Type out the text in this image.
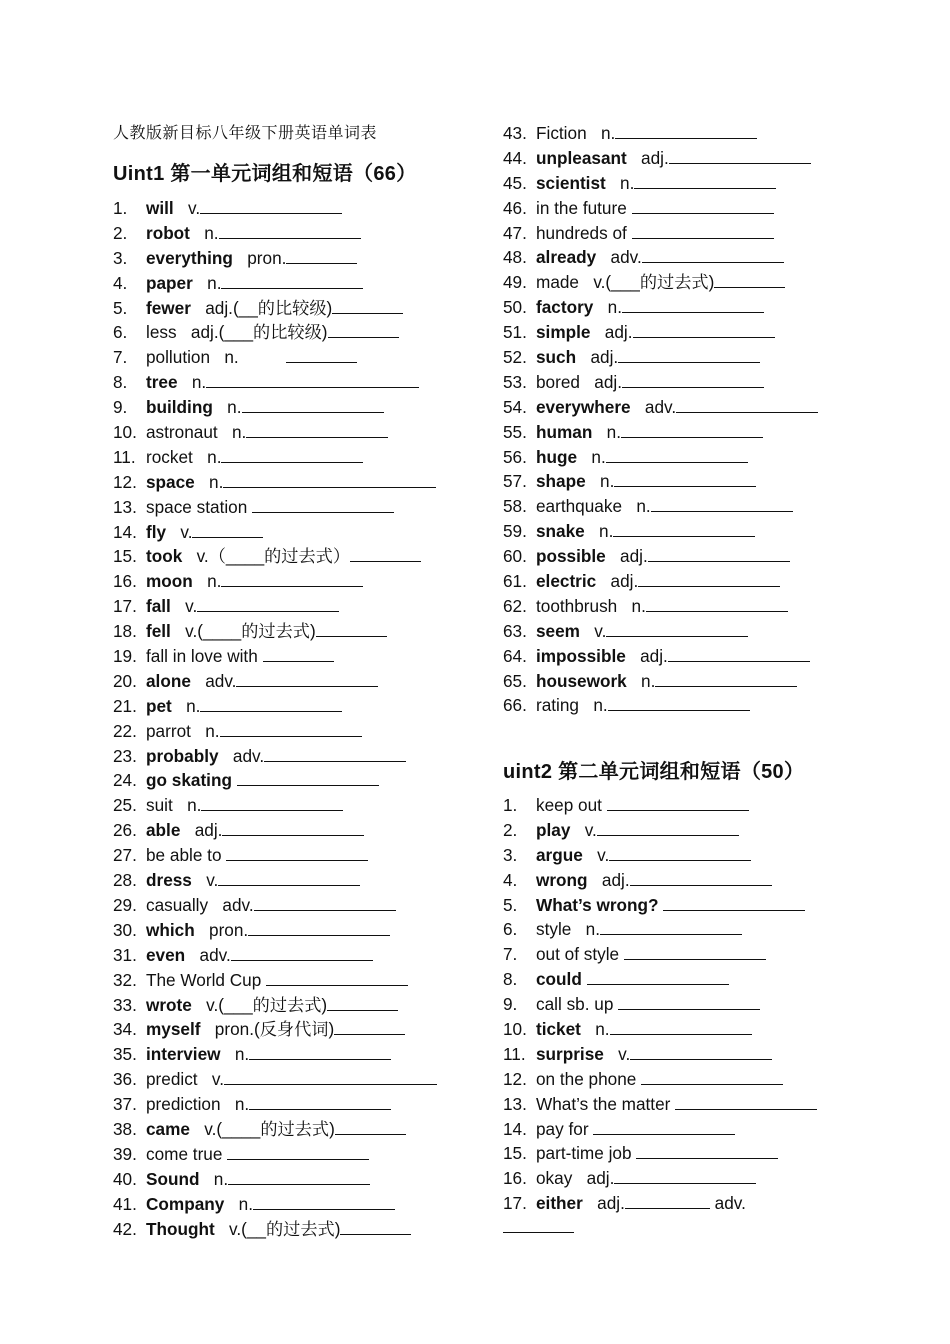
人教版新目标八年级下册英语单词表
Uint1 第一单元词组和短语（66）
1. will   v.
2. robot   n.
3. everything   pron.
4. paper   n.
5. fewer   adj.(__的比较级)
6. less   adj.(___的比较级)
7. pollution   n.
8. tree   n.
9. building   n.
10. astronaut   n.
11. rocket   n.
12. space   n.
13. space station
14. fly   v.
15. took   v.（____的过去式）
16. moon   n.
17. fall   v.
18. fell   v.(____的过去式)
19. fall in love with
20. alone   adv.
21. pet   n.
22. parrot   n.
23. probably   adv.
24. go skating
25. suit   n.
26. able   adj.
27. be able to
28. dress   v.
29. casually   adv.
30. which   pron.
31. even   adv.
32. The World Cup
33. wrote   v.(___的过去式)
34. myself   pron.(反身代词)
35. interview   n.
36. predict   v.
37. prediction   n.
38. came   v.(____的过去式)
39. come true
40. Sound   n.
41. Company   n.
42. Thought   v.(__的过去式)
43. Fiction   n.
44. unpleasant   adj.
45. scientist   n.
46. in the future
47. hundreds of
48. already   adv.
49. made   v.(___的过去式)
50. factory   n.
51. simple   adj.
52. such   adj.
53. bored   adj.
54. everywhere   adv.
55. human   n.
56. huge   n.
57. shape   n.
58. earthquake   n.
59. snake   n.
60. possible   adj.
61. electric   adj.
62. toothbrush   n.
63. seem   v.
64. impossible   adj.
65. housework   n.
66. rating   n.
uint2 第二单元词组和短语（50）
1. keep out
2. play   v.
3. argue   v.
4. wrong   adj.
5. What’s wrong?
6. style   n.
7. out of style
8. could
9. call sb. up
10. ticket   n.
11. surprise   v.
12. on the phone
13. What’s the matter
14. pay for
15. part-time job
16. okay   adj.
17. either   adj.	adv.
